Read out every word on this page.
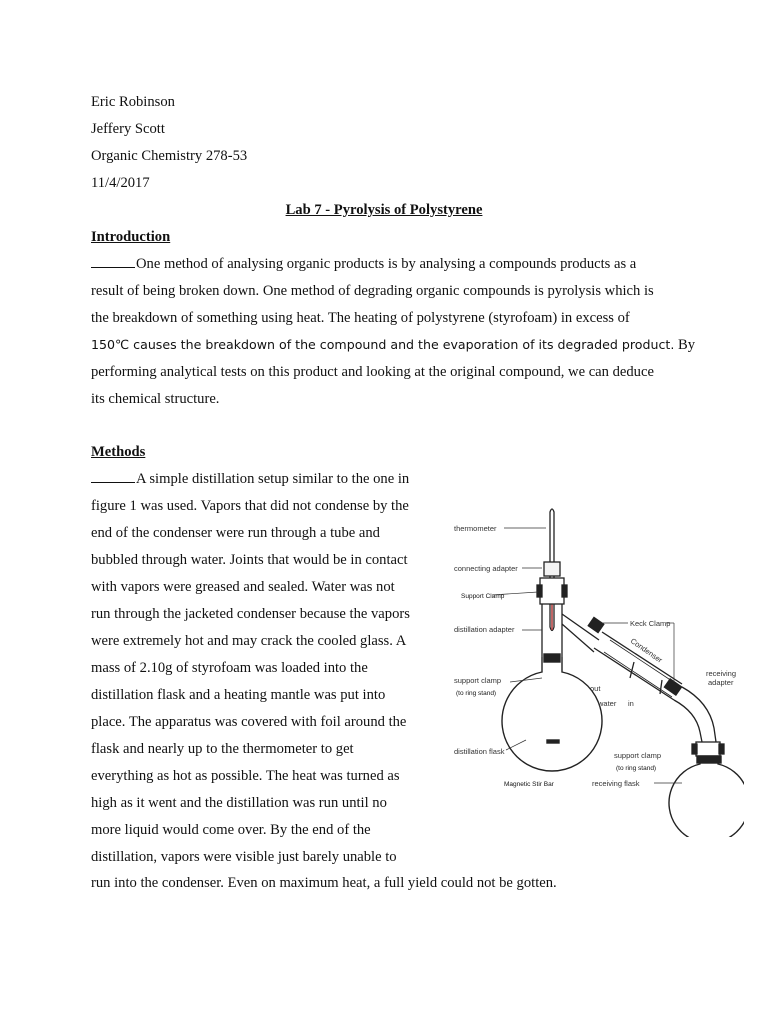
Eric Robinson
Jeffery Scott
Organic Chemistry 278-53
11/4/2017
Lab 7 - Pyrolysis of Polystyrene
Introduction
One method of analysing organic products is by analysing a compounds products as a
result of being broken down. One method of degrading organic compounds is pyrolysis which is
the breakdown of something using heat. The heating of polystyrene (styrofoam) in excess of
150℃ causes the breakdown of the compound and the evaporation of its degraded product. By
performing analytical tests on this product and looking at the original compound, we can deduce
its chemical structure.
Methods
A simple distillation setup similar to the one in
figure 1 was used. Vapors that did not condense by the
end of the condenser were run through a tube and
bubbled through water. Joints that would be in contact
with vapors were greased and sealed. Water was not
run through the jacketed condenser because the vapors
were extremely hot and may crack the cooled glass. A
mass of 2.10g of styrofoam was loaded into the
distillation flask and a heating mantle was put into
place. The apparatus was covered with foil around the
flask and nearly up to the thermometer to get
everything as hot as possible. The heat was turned as
high as it went and the distillation was run until no
more liquid would come over. By the end of the
distillation, vapors were visible just barely unable to
run into the condenser. Even on maximum heat, a full yield could not be gotten.
thermometer
connecting adapter
Support Clamp
distillation adapter
Keck Clamp
Condenser
receiving
adapter
support clamp
(to ring stand)
out
water in
distillation flask	support clamp
(to ring stand)
Magnetic Stir Bar	receiving flask
